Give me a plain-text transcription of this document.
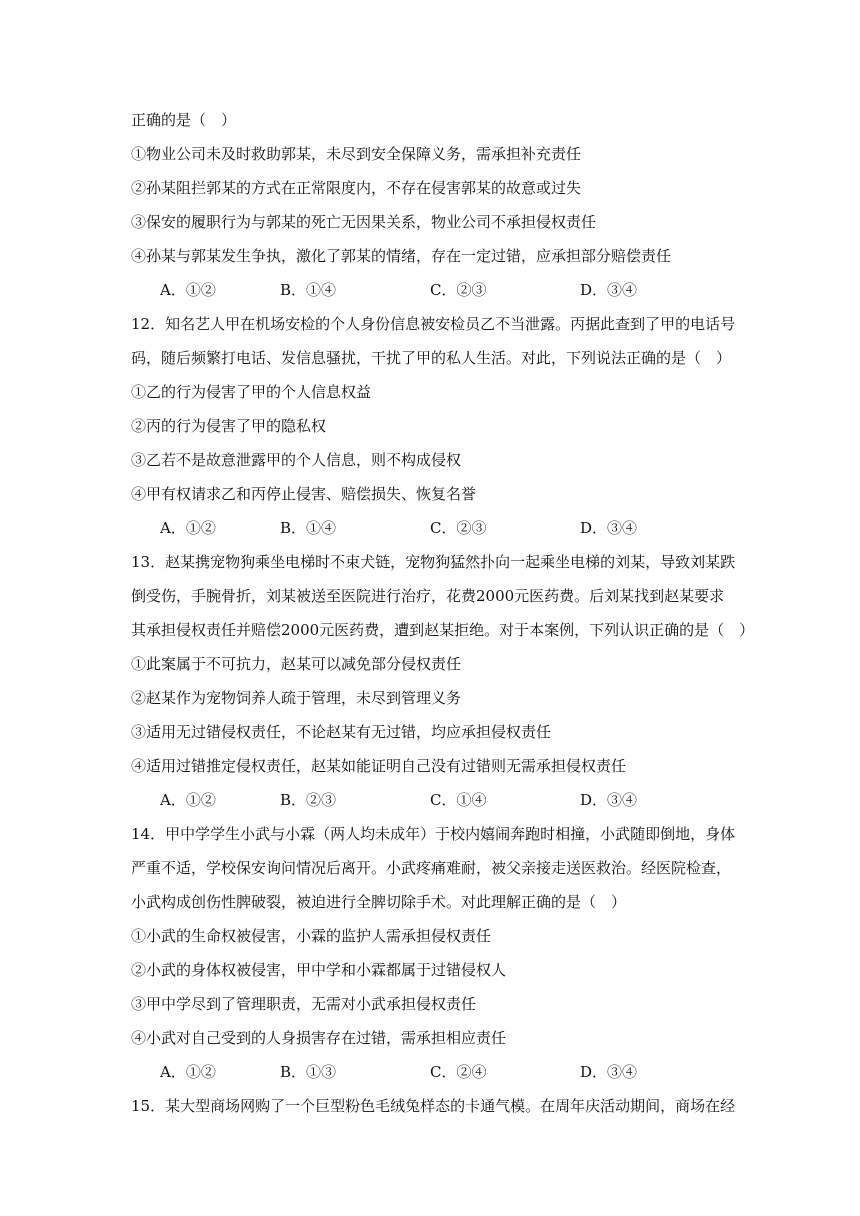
正确的是（　）
①物业公司未及时救助郭某，未尽到安全保障义务，需承担补充责任
②孙某阻拦郭某的方式在正常限度内，不存在侵害郭某的故意或过失
③保安的履职行为与郭某的死亡无因果关系，物业公司不承担侵权责任
④孙某与郭某发生争执，激化了郭某的情绪，存在一定过错，应承担部分赔偿责任
A．①②	B．①④	C．②③	D．③④
12．知名艺人甲在机场安检的个人身份信息被安检员乙不当泄露。丙据此查到了甲的电话号
码，随后频繁打电话、发信息骚扰，干扰了甲的私人生活。对此，下列说法正确的是（　）
①乙的行为侵害了甲的个人信息权益
②丙的行为侵害了甲的隐私权
③乙若不是故意泄露甲的个人信息，则不构成侵权
④甲有权请求乙和丙停止侵害、赔偿损失、恢复名誉
A．①②	B．①④	C．②③	D．③④
13．赵某携宠物狗乘坐电梯时不束犬链，宠物狗猛然扑向一起乘坐电梯的刘某，导致刘某跌
倒受伤，手腕骨折，刘某被送至医院进行治疗，花费2000元医药费。后刘某找到赵某要求
其承担侵权责任并赔偿2000元医药费，遭到赵某拒绝。对于本案例，下列认识正确的是（　）
①此案属于不可抗力，赵某可以减免部分侵权责任
②赵某作为宠物饲养人疏于管理，未尽到管理义务
③适用无过错侵权责任，不论赵某有无过错，均应承担侵权责任
④适用过错推定侵权责任，赵某如能证明自己没有过错则无需承担侵权责任
A．①②	B．②③	C．①④	D．③④
14．甲中学学生小武与小霖（两人均未成年）于校内嬉闹奔跑时相撞，小武随即倒地，身体
严重不适，学校保安询问情况后离开。小武疼痛难耐，被父亲接走送医救治。经医院检查，
小武构成创伤性脾破裂，被迫进行全脾切除手术。对此理解正确的是（　）
①小武的生命权被侵害，小霖的监护人需承担侵权责任
②小武的身体权被侵害，甲中学和小霖都属于过错侵权人
③甲中学尽到了管理职责，无需对小武承担侵权责任
④小武对自己受到的人身损害存在过错，需承担相应责任
A．①②	B．①③	C．②④	D．③④
15．某大型商场网购了一个巨型粉色毛绒兔样态的卡通气模。在周年庆活动期间，商场在经
